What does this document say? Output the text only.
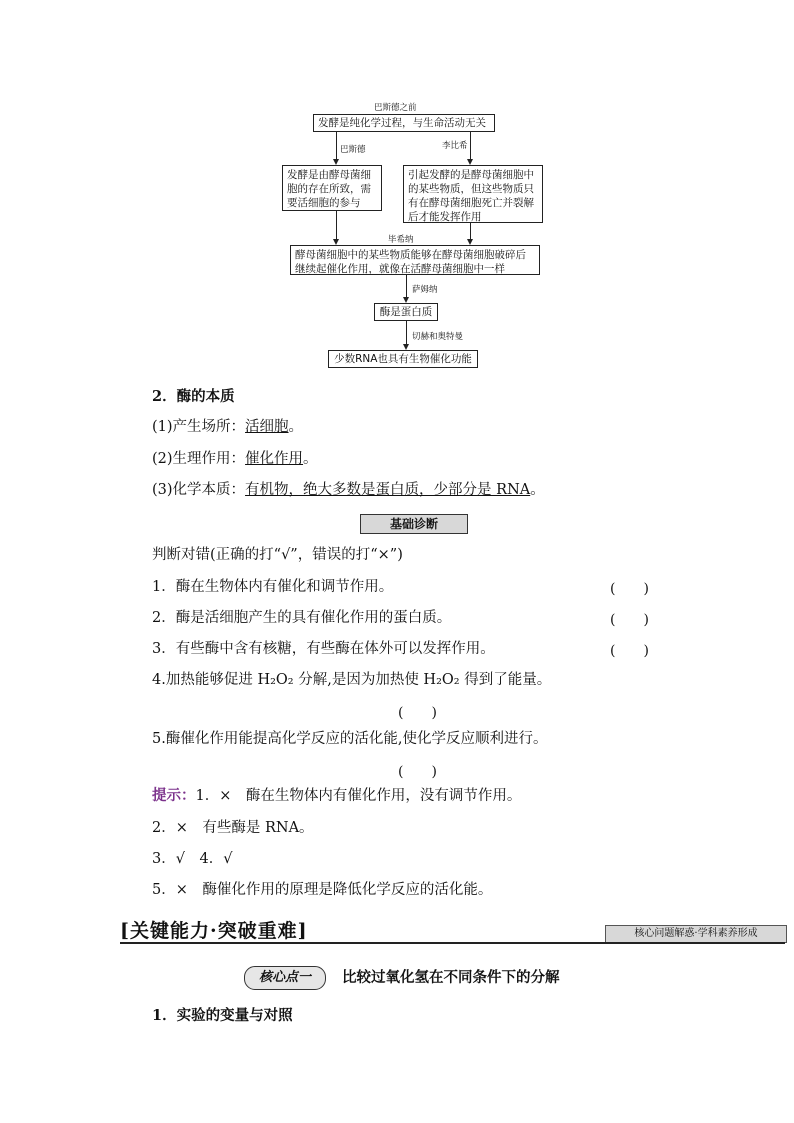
巴斯德之前
发酵是纯化学过程，与生命活动无关
巴斯德	李比希
发酵是由酵母菌细胞的存在所致，需要活细胞的参与
引起发酵的是酵母菌细胞中的某些物质，但这些物质只有在酵母菌细胞死亡并裂解后才能发挥作用
毕希纳
酵母菌细胞中的某些物质能够在酵母菌细胞破碎后继续起催化作用，就像在活酵母菌细胞中一样
萨姆纳
酶是蛋白质
切赫和奥特曼
少数RNA也具有生物催化功能
2．酶的本质
(1)产生场所：活细胞。
(2)生理作用：催化作用。
(3)化学本质：有机物，绝大多数是蛋白质，少部分是 RNA。
基础诊断
判断对错(正确的打“√”，错误的打“×”)
1．酶在生物体内有催化和调节作用。	(　　)
2．酶是活细胞产生的具有催化作用的蛋白质。	(　　)
3．有些酶中含有核糖，有些酶在体外可以发挥作用。	(　　)
4.加热能够促进 H₂O₂ 分解,是因为加热使 H₂O₂ 得到了能量。
(　　)
5.酶催化作用能提高化学反应的活化能,使化学反应顺利进行。
(　　)
提示：1．×　酶在生物体内有催化作用，没有调节作用。
2．×　有些酶是 RNA。
3．√　4．√
5．×　酶催化作用的原理是降低化学反应的活化能。
[关键能力·突破重难]	核心问题解惑·学科素养形成
核心点一	比较过氧化氢在不同条件下的分解
1．实验的变量与对照
